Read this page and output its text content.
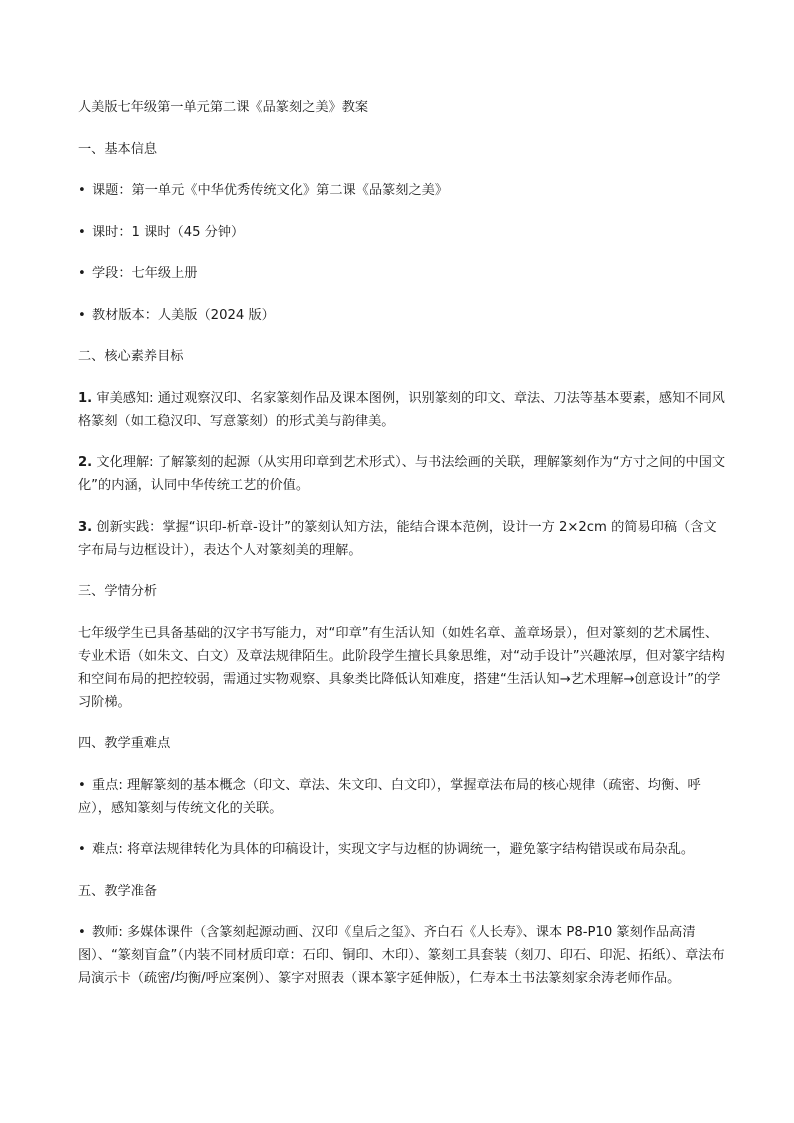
人美版七年级第一单元第二课《品篆刻之美》教案

一、基本信息

• 课题：第一单元《中华优秀传统文化》第二课《品篆刻之美》

• 课时：1 课时（45 分钟）

• 学段：七年级上册

• 教材版本：人美版（2024 版）

二、核心素养目标

1. 审美感知: 通过观察汉印、名家篆刻作品及课本图例，识别篆刻的印文、章法、刀法等基本要素，感知不同风格篆刻（如工稳汉印、写意篆刻）的形式美与韵律美。

2. 文化理解: 了解篆刻的起源（从实用印章到艺术形式）、与书法绘画的关联，理解篆刻作为“方寸之间的中国文化”的内涵，认同中华传统工艺的价值。

3. 创新实践：掌握“识印-析章-设计”的篆刻认知方法，能结合课本范例，设计一方 2×2cm 的简易印稿（含文字布局与边框设计），表达个人对篆刻美的理解。

三、学情分析

七年级学生已具备基础的汉字书写能力，对“印章”有生活认知（如姓名章、盖章场景），但对篆刻的艺术属性、专业术语（如朱文、白文）及章法规律陌生。此阶段学生擅长具象思维，对“动手设计”兴趣浓厚，但对篆字结构和空间布局的把控较弱，需通过实物观察、具象类比降低认知难度，搭建“生活认知→艺术理解→创意设计”的学习阶梯。

四、教学重难点

• 重点: 理解篆刻的基本概念（印文、章法、朱文印、白文印），掌握章法布局的核心规律（疏密、均衡、呼应），感知篆刻与传统文化的关联。

• 难点: 将章法规律转化为具体的印稿设计，实现文字与边框的协调统一，避免篆字结构错误或布局杂乱。

五、教学准备

• 教师: 多媒体课件（含篆刻起源动画、汉印《皇后之玺》、齐白石《人长寿》、课本 P8-P10 篆刻作品高清图）、“篆刻盲盒”（内装不同材质印章：石印、铜印、木印）、篆刻工具套装（刻刀、印石、印泥、拓纸）、章法布局演示卡（疏密/均衡/呼应案例）、篆字对照表（课本篆字延伸版），仁寿本土书法篆刻家余涛老师作品。
